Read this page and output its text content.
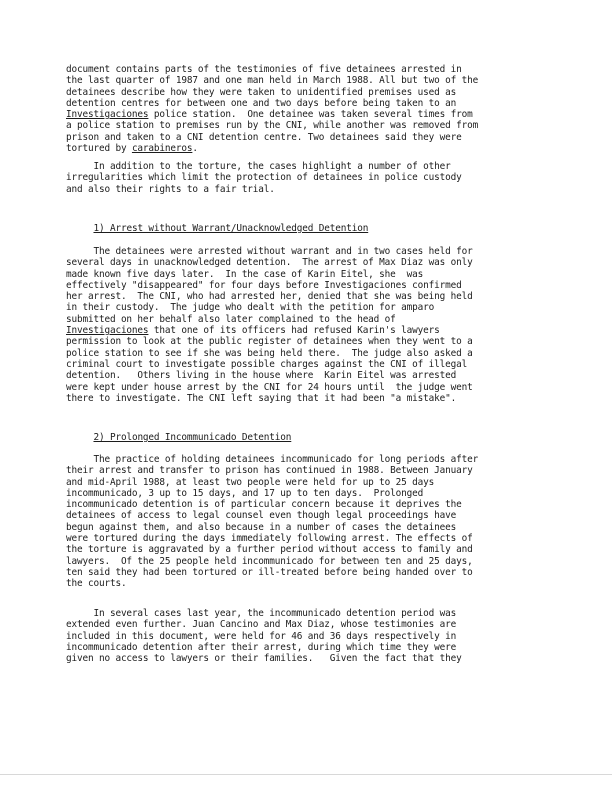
document contains parts of the testimonies of five detainees arrested in
the last quarter of 1987 and one man held in March 1988. All but two of the
detainees describe how they were taken to unidentified premises used as
detention centres for between one and two days before being taken to an
Investigaciones police station.  One detainee was taken several times from
a police station to premises run by the CNI, while another was removed from
prison and taken to a CNI detention centre. Two detainees said they were
tortured by carabineros.
In addition to the torture, the cases highlight a number of other
irregularities which limit the protection of detainees in police custody
and also their rights to a fair trial.
1) Arrest without Warrant/Unacknowledged Detention
The detainees were arrested without warrant and in two cases held for
several days in unacknowledged detention.  The arrest of Max Diaz was only
made known five days later.  In the case of Karin Eitel, she  was
effectively "disappeared" for four days before Investigaciones confirmed
her arrest.  The CNI, who had arrested her, denied that she was being held
in their custody.  The judge who dealt with the petition for amparo
submitted on her behalf also later complained to the head of
Investigaciones that one of its officers had refused Karin's lawyers
permission to look at the public register of detainees when they went to a
police station to see if she was being held there.  The judge also asked a
criminal court to investigate possible charges against the CNI of illegal
detention.   Others living in the house where  Karin Eitel was arrested
were kept under house arrest by the CNI for 24 hours until  the judge went
there to investigate. The CNI left saying that it had been "a mistake".
2) Prolonged Incommunicado Detention
The practice of holding detainees incommunicado for long periods after
their arrest and transfer to prison has continued in 1988. Between January
and mid-April 1988, at least two people were held for up to 25 days
incommunicado, 3 up to 15 days, and 17 up to ten days.  Prolonged
incommunicado detention is of particular concern because it deprives the
detainees of access to legal counsel even though legal proceedings have
begun against them, and also because in a number of cases the detainees
were tortured during the days immediately following arrest. The effects of
the torture is aggravated by a further period without access to family and
lawyers.  Of the 25 people held incommunicado for between ten and 25 days,
ten said they had been tortured or ill-treated before being handed over to
the courts.
In several cases last year, the incommunicado detention period was
extended even further. Juan Cancino and Max Diaz, whose testimonies are
included in this document, were held for 46 and 36 days respectively in
incommunicado detention after their arrest, during which time they were
given no access to lawyers or their families.   Given the fact that they
